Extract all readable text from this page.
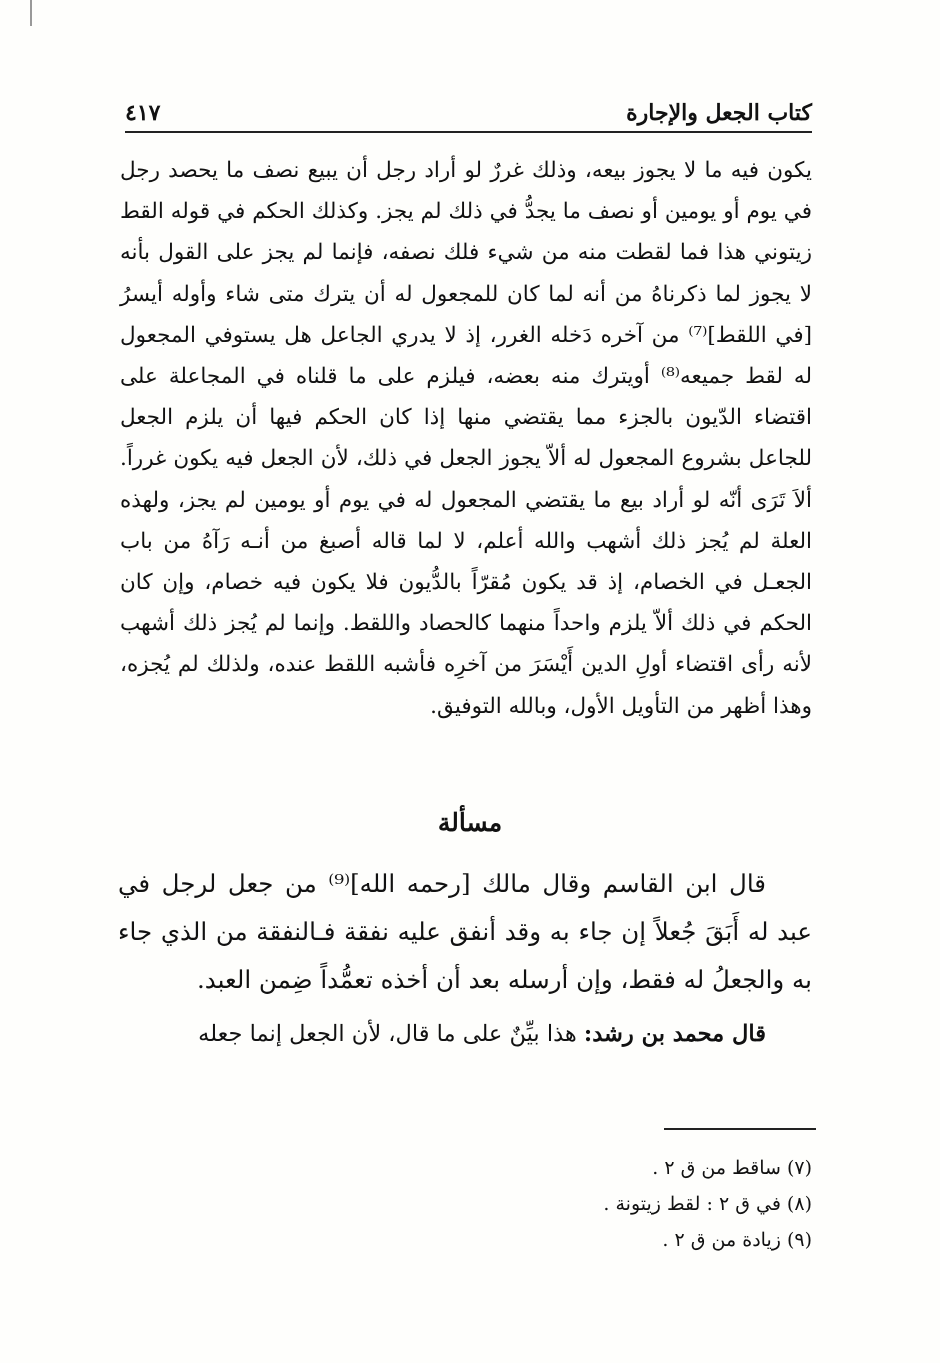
كتاب الجعل والإجارة
٤١٧

يكون فيه ما لا يجوز بيعه، وذلك غررٌ لو أراد رجل أن يبيع نصف ما يحصد رجل في يوم أو يومين أو نصف ما يجدُّ في ذلك لم يجز. وكذلك الحكم في قوله القط زيتوني هذا فما لقطت منه من شيء فلك نصفه، فإنما لم يجز على القول بأنه لا يجوز لما ذكرناهُ من أنه لما كان للمجعول له أن يترك متى شاء وأوله أيسرُ [في اللقط]⁽⁷⁾ من آخره دَخله الغرر، إذ لا يدري الجاعل هل يستوفي المجعول له لقط جميعه⁽⁸⁾ أويترك منه بعضه، فيلزم على ما قلناه في المجاعلة على اقتضاء الدّيون بالجزء مما يقتضي منها إذا كان الحكم فيها أن يلزم الجعل للجاعل بشروع المجعول له ألاّ يجوز الجعل في ذلك، لأن الجعل فيه يكون غرراً. ألاَ تَرَى أنّه لو أراد بيع ما يقتضي المجعول له في يوم أو يومين لم يجز، ولهذه العلة لم يُجز ذلك أشهب والله أعلم، لا لما قاله أصبغ من أنـه رَآهُ من باب الجعـل في الخصام، إذ قد يكون مُقرّاً بالدُّيون فلا يكون فيه خصام، وإن كان الحكم في ذلك ألاّ يلزم واحداً منهما كالحصاد واللقط. وإنما لم يُجز ذلك أشهب لأنه رأى اقتضاء أولِ الدين أَيْسَرَ من آخرِه فأشبه اللقط عنده، ولذلك لم يُجزه، وهذا أظهر من التأويل الأول، وبالله التوفيق.

مسألة

قال ابن القاسم وقال مالك [رحمه الله]⁽⁹⁾ من جعل لرجل في عبد له أَبَقَ جُعلاً إن جاء به وقد أنفق عليه نفقة فـالنفقة من الذي جاء به والجعلُ له فقط، وإن أرسله بعد أن أخذه تعمُّداً ضِمن العبد.

قال محمد بن رشد: هذا بيِّنٌ على ما قال، لأن الجعل إنما جعله

(٧) ساقط من ق ٢ .
(٨) في ق ٢ : لقط زيتونة .
(٩) زيادة من ق ٢ .
